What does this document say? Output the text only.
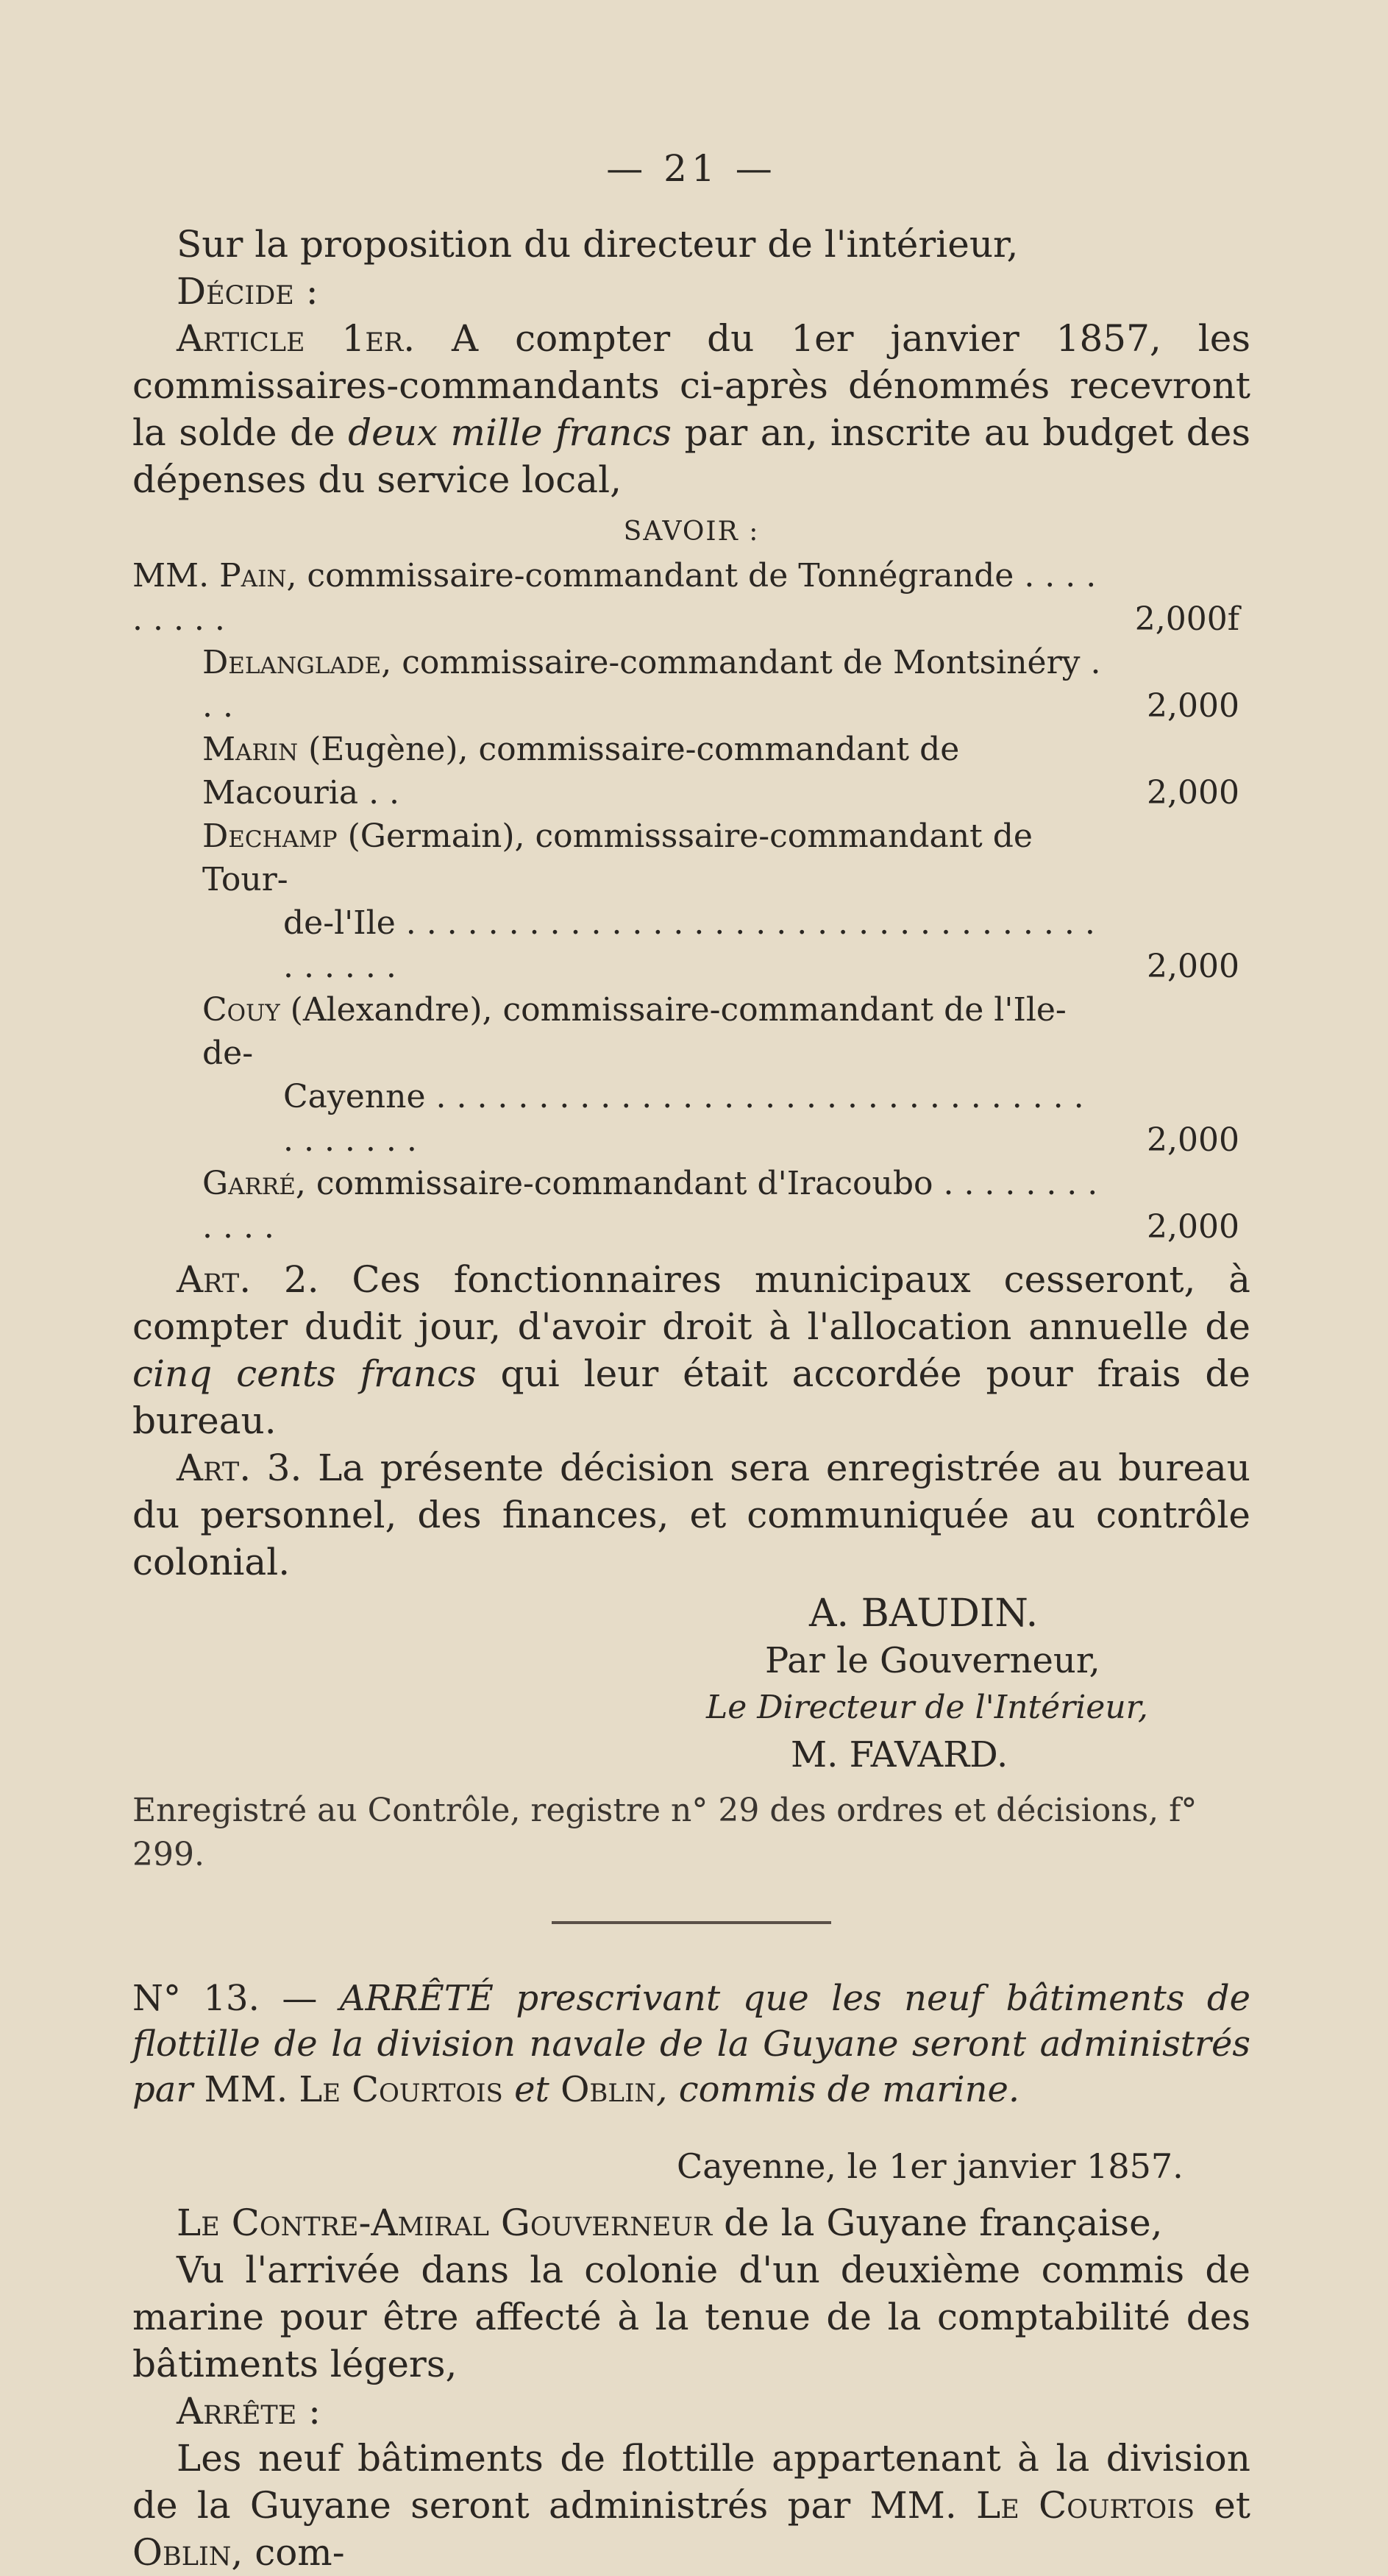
— 21 —

Sur la proposition du directeur de l'intérieur,

Décide :

Article 1er. A compter du 1er janvier 1857, les commissaires-commandants ci-après dénommés recevront la solde de deux mille francs par an, inscrite au budget des dépenses du service local,

SAVOIR :
MM. Pain, commissaire-commandant de Tonnégrande . . . . . . . . .	2,000f
Delanglade, commissaire-commandant de Montsinéry . . .	2,000
Marin (Eugène), commissaire-commandant de Macouria . .	2,000
Dechamp (Germain), commisssaire-commandant de Tour-
de-l'Ile . . . . . . . . . . . . . . . . . . . . . . . . . . . . . . . . . . . . . . . .	2,000
Couy (Alexandre), commissaire-commandant de l'Ile-de-
Cayenne . . . . . . . . . . . . . . . . . . . . . . . . . . . . . . . . . . . . . . .	2,000
Garré, commissaire-commandant d'Iracoubo . . . . . . . . . . . .	2,000

Art. 2. Ces fonctionnaires municipaux cesseront, à compter dudit jour, d'avoir droit à l'allocation annuelle de cinq cents francs qui leur était accordée pour frais de bureau.

Art. 3. La présente décision sera enregistrée au bureau du personnel, des finances, et communiquée au contrôle colonial.

A. BAUDIN.
Par le Gouverneur,
Le Directeur de l'Intérieur,
M. FAVARD.

Enregistré au Contrôle, registre n° 29 des ordres et décisions, f° 299.

N° 13. — ARRÊTÉ prescrivant que les neuf bâtiments de flottille de la division navale de la Guyane seront administrés par MM. Le Courtois et Oblin, commis de marine.

Cayenne, le 1er janvier 1857.

Le Contre-Amiral Gouverneur de la Guyane française,

Vu l'arrivée dans la colonie d'un deuxième commis de marine pour être affecté à la tenue de la comptabilité des bâtiments légers,

Arrête :

Les neuf bâtiments de flottille appartenant à la division de la Guyane seront administrés par MM. Le Courtois et Oblin, com-
